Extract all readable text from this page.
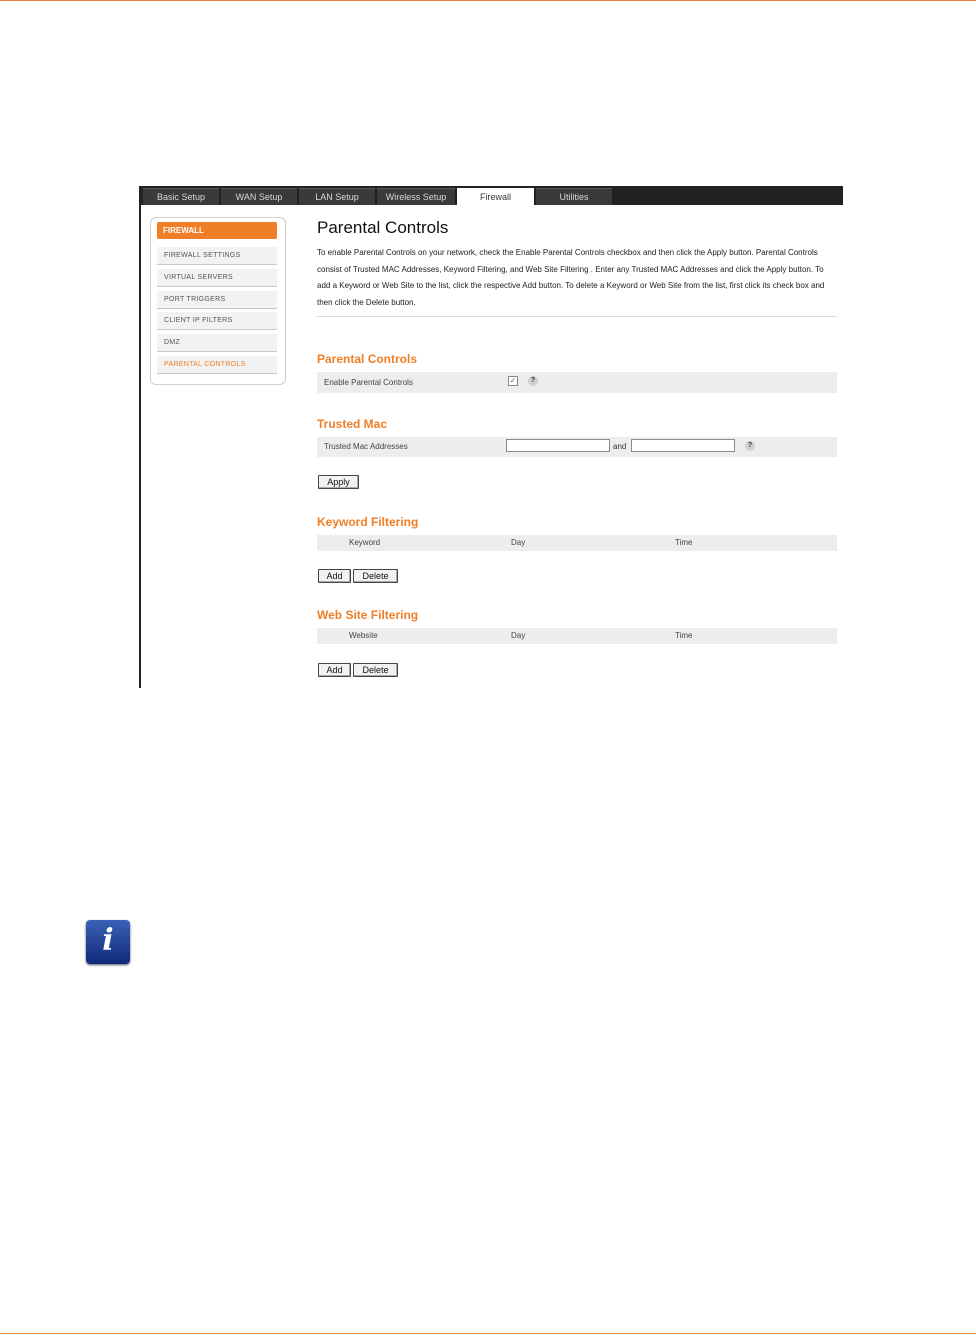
Basic Setup	WAN Setup	LAN Setup	Wireless Setup	Firewall	Utilities
FIREWALL
FIREWALL SETTINGS
VIRTUAL SERVERS
PORT TRIGGERS
CLIENT IP FILTERS
DMZ
PARENTAL CONTROLS
Parental Controls
To enable Parental Controls on your network, check the Enable Parental Controls checkbox and then click the Apply button. Parental Controls consist of Trusted MAC Addresses, Keyword Filtering, and Web Site Filtering . Enter any Trusted MAC Addresses and click the Apply button. To add a Keyword or Web Site to the list, click the respective Add button. To delete a Keyword or Web Site from the list, first click its check box and then click the Delete button.
Parental Controls
Enable Parental Controls	✓	?
Trusted Mac
Trusted Mac Addresses	and	?
Apply
Keyword Filtering
Keyword	Day	Time
Add	Delete
Web Site Filtering
Website	Day	Time
Add	Delete
i
